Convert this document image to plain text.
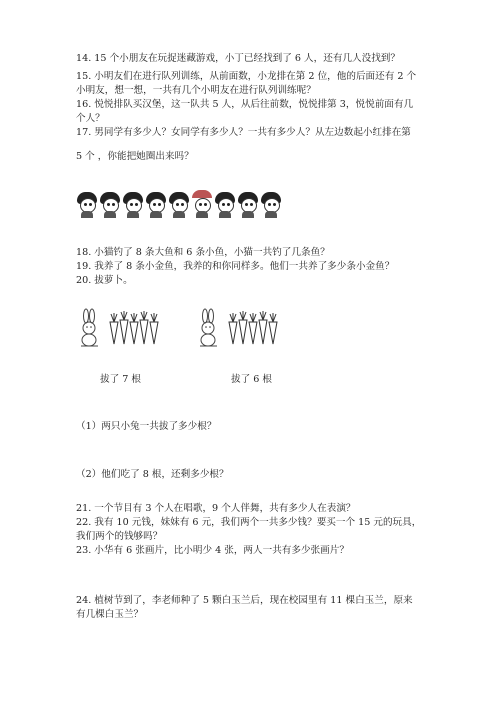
14. 15 个小朋友在玩捉迷藏游戏，小丁已经找到了 6 人，还有几人没找到？
15. 小明友们在进行队列训练，从前面数，小龙排在第 2 位，他的后面还有 2 个
小明友，想一想，一共有几个小明友在进行队列训练呢？
16. 悦悦排队买汉堡，这一队共 5 人，从后往前数，悦悦排第 3，悦悦前面有几
个人？
17. 男同学有多少人？女同学有多少人？一共有多少人？从左边数起小红排在第
5 个 ，你能把她圈出来吗？
18. 小猫钓了 8 条大鱼和 6 条小鱼，小猫一共钓了几条鱼？
19. 我养了 8 条小金鱼，我养的和你同样多。他们一共养了多少条小金鱼？
20. 拔萝卜。
拔了 7 根	拔了 6 根
（1）两只小兔一共拔了多少根？
（2）他们吃了 8 根，还剩多少根？
21. 一个节目有 3 个人在唱歌，9 个人伴舞，共有多少人在表演？
22. 我有 10 元钱，妹妹有 6 元，我们两个一共多少钱？要买一个 15 元的玩具，
我们两个的钱够吗？
23. 小华有 6 张画片，比小明少 4 张，两人一共有多少张画片？
24. 植树节到了，李老师种了 5 颗白玉兰后，现在校园里有 11 棵白玉兰，原来
有几棵白玉兰？
